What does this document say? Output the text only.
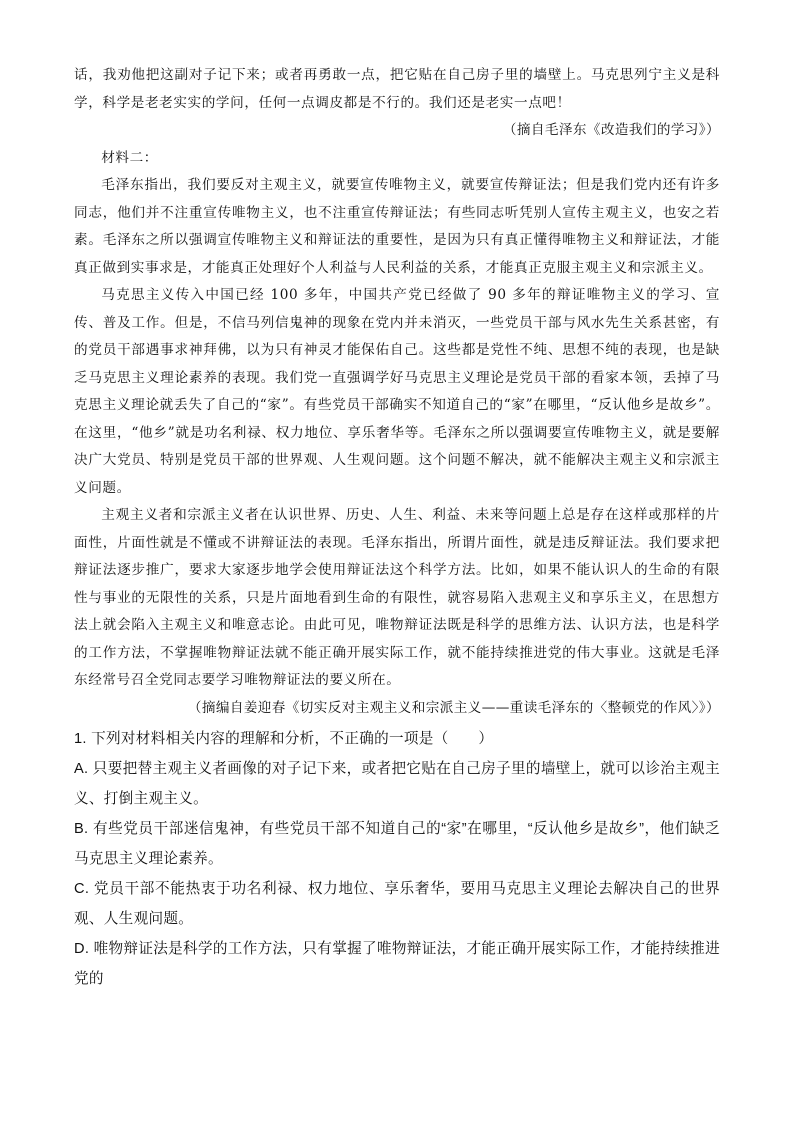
话，我劝他把这副对子记下来；或者再勇敢一点，把它贴在自己房子里的墙壁上。马克思列宁主义是科学，科学是老老实实的学问，任何一点调皮都是不行的。我们还是老实一点吧！

（摘自毛泽东《改造我们的学习》）

材料二：

毛泽东指出，我们要反对主观主义，就要宣传唯物主义，就要宣传辩证法；但是我们党内还有许多同志，他们并不注重宣传唯物主义，也不注重宣传辩证法；有些同志听凭别人宣传主观主义，也安之若素。毛泽东之所以强调宣传唯物主义和辩证法的重要性，是因为只有真正懂得唯物主义和辩证法，才能真正做到实事求是，才能真正处理好个人利益与人民利益的关系，才能真正克服主观主义和宗派主义。

马克思主义传入中国已经 100 多年，中国共产党已经做了 90 多年的辩证唯物主义的学习、宣传、普及工作。但是，不信马列信鬼神的现象在党内并未消灭，一些党员干部与风水先生关系甚密，有的党员干部遇事求神拜佛，以为只有神灵才能保佑自己。这些都是党性不纯、思想不纯的表现，也是缺乏马克思主义理论素养的表现。我们党一直强调学好马克思主义理论是党员干部的看家本领，丢掉了马克思主义理论就丢失了自己的“家”。有些党员干部确实不知道自己的“家”在哪里，“反认他乡是故乡”。在这里，“他乡”就是功名利禄、权力地位、享乐奢华等。毛泽东之所以强调要宣传唯物主义，就是要解决广大党员、特别是党员干部的世界观、人生观问题。这个问题不解决，就不能解决主观主义和宗派主义问题。

主观主义者和宗派主义者在认识世界、历史、人生、利益、未来等问题上总是存在这样或那样的片面性，片面性就是不懂或不讲辩证法的表现。毛泽东指出，所谓片面性，就是违反辩证法。我们要求把辩证法逐步推广，要求大家逐步地学会使用辩证法这个科学方法。比如，如果不能认识人的生命的有限性与事业的无限性的关系，只是片面地看到生命的有限性，就容易陷入悲观主义和享乐主义，在思想方法上就会陷入主观主义和唯意志论。由此可见，唯物辩证法既是科学的思维方法、认识方法，也是科学的工作方法，不掌握唯物辩证法就不能正确开展实际工作，就不能持续推进党的伟大事业。这就是毛泽东经常号召全党同志要学习唯物辩证法的要义所在。

（摘编自姜迎春《切实反对主观主义和宗派主义——重读毛泽东的〈整顿党的作风〉》）

1. 下列对材料相关内容的理解和分析，不正确的一项是（　　）

A. 只要把替主观主义者画像的对子记下来，或者把它贴在自己房子里的墙壁上，就可以诊治主观主义、打倒主观主义。

B. 有些党员干部迷信鬼神，有些党员干部不知道自己的“家”在哪里，“反认他乡是故乡”，他们缺乏马克思主义理论素养。

C. 党员干部不能热衷于功名利禄、权力地位、享乐奢华，要用马克思主义理论去解决自己的世界观、人生观问题。

D. 唯物辩证法是科学的工作方法，只有掌握了唯物辩证法，才能正确开展实际工作，才能持续推进党的
